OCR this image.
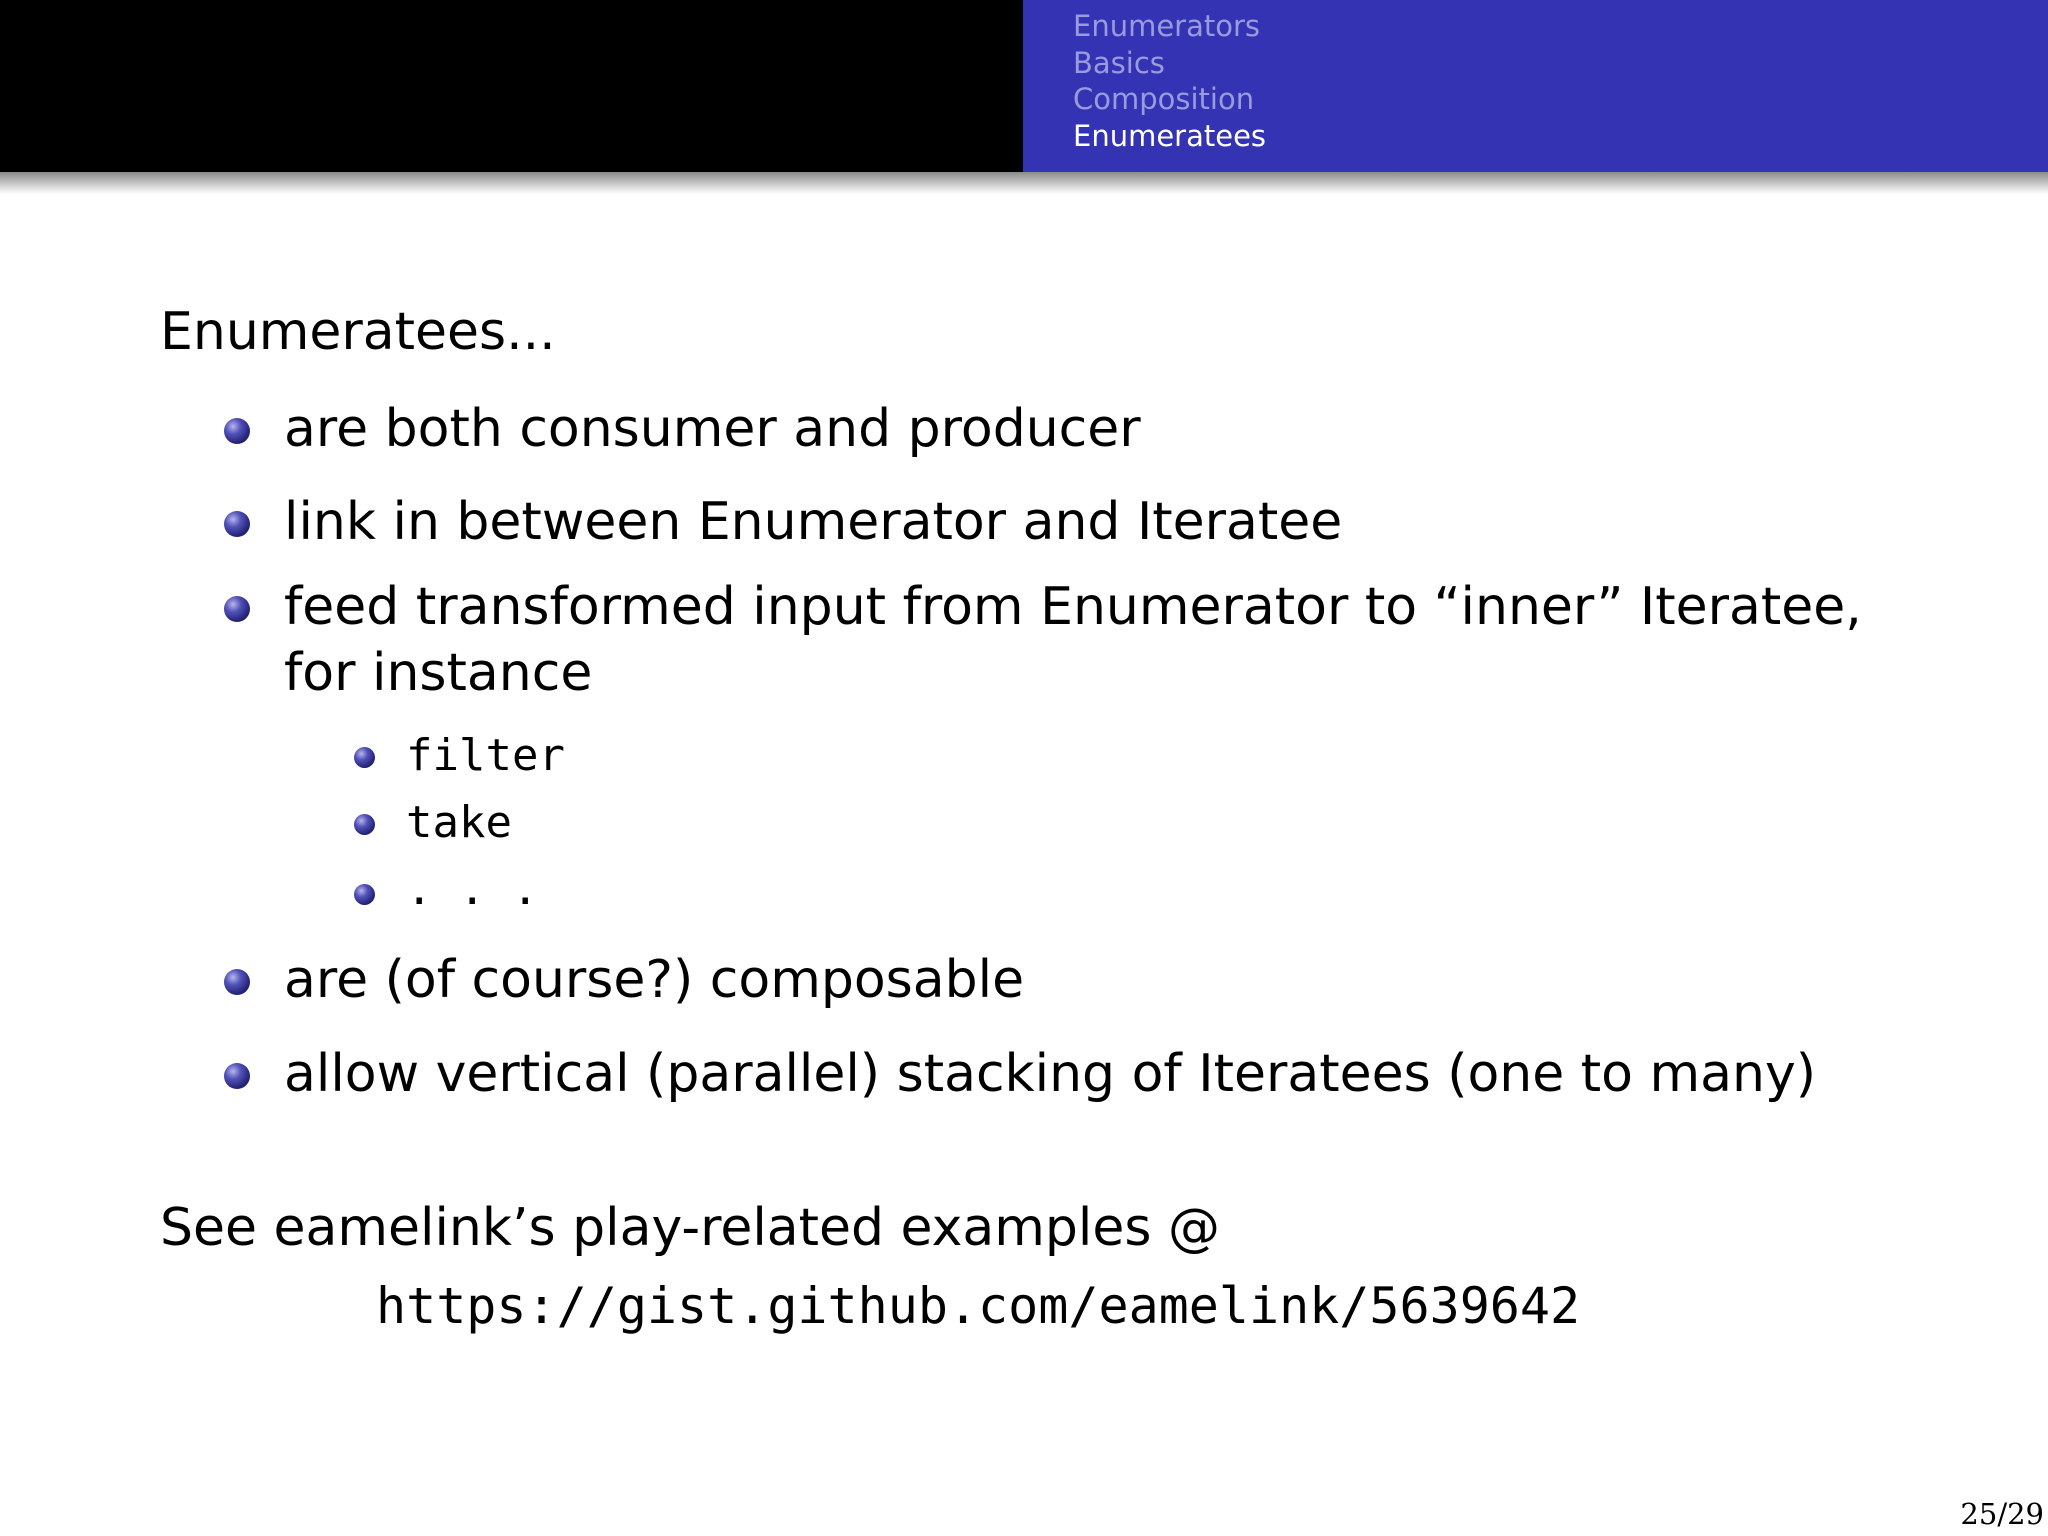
Enumerators
Basics
Composition
Enumeratees

Enumeratees...

are both consumer and producer
link in between Enumerator and Iteratee
feed transformed input from Enumerator to “inner” Iteratee,
for instance
filter
take
. . .
are (of course?) composable
allow vertical (parallel) stacking of Iteratees (one to many)

See eamelink’s play-related examples @

https://gist.github.com/eamelink/5639642
25/29
